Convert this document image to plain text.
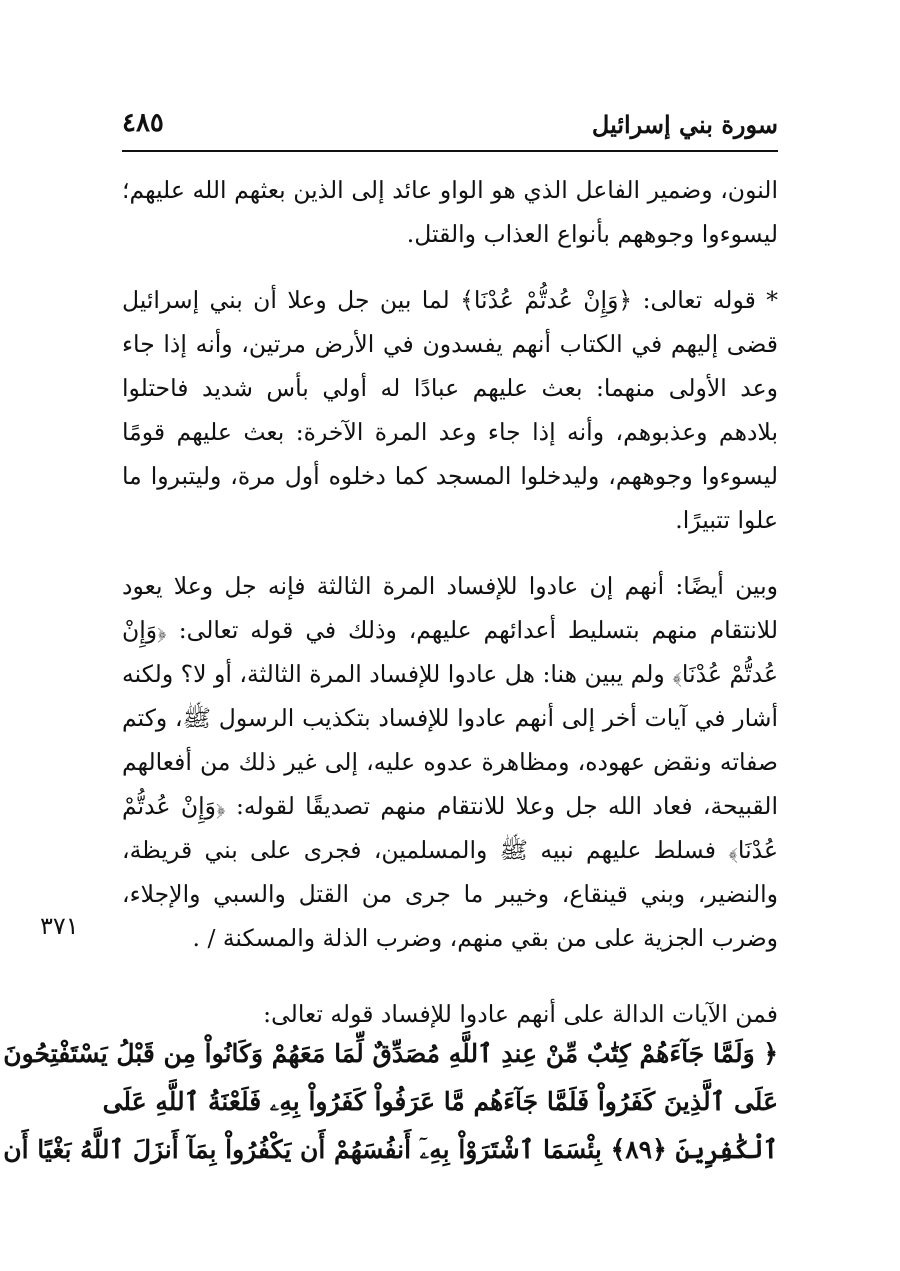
سورة بني إسرائيل
٤٨٥
٣٧١

النون، وضمير الفاعل الذي هو الواو عائد إلى الذين بعثهم الله عليهم؛ ليسوءوا وجوههم بأنواع العذاب والقتل.

* قوله تعالى: ﴿وَإِنْ عُدتُّمْ عُدْنَا﴾ لما بين جل وعلا أن بني إسرائيل قضى إليهم في الكتاب أنهم يفسدون في الأرض مرتين، وأنه إذا جاء وعد الأولى منهما: بعث عليهم عبادًا له أولي بأس شديد فاحتلوا بلادهم وعذبوهم، وأنه إذا جاء وعد المرة الآخرة: بعث عليهم قومًا ليسوءوا وجوههم، وليدخلوا المسجد كما دخلوه أول مرة، وليتبروا ما علوا تتبيرًا.

وبين أيضًا: أنهم إن عادوا للإفساد المرة الثالثة فإنه جل وعلا يعود للانتقام منهم بتسليط أعدائهم عليهم، وذلك في قوله تعالى: ﴿وَإِنْ عُدتُّمْ عُدْنَا﴾ ولم يبين هنا: هل عادوا للإفساد المرة الثالثة، أو لا؟ ولكنه أشار في آيات أخر إلى أنهم عادوا للإفساد بتكذيب الرسول ﷺ، وكتم صفاته ونقض عهوده، ومظاهرة عدوه عليه، إلى غير ذلك من أفعالهم القبيحة، فعاد الله جل وعلا للانتقام منهم تصديقًا لقوله: ﴿وَإِنْ عُدتُّمْ عُدْنَا﴾ فسلط عليهم نبيه ﷺ والمسلمين، فجرى على بني قريظة، والنضير، وبني قينقاع، وخيبر ما جرى من القتل والسبي والإجلاء، وضرب الجزية على من بقي منهم، وضرب الذلة والمسكنة / .

فمن الآيات الدالة على أنهم عادوا للإفساد قوله تعالى:

﴿ وَلَمَّا جَآءَهُمْ كِتَٰبٌ مِّنْ عِندِ ٱللَّهِ مُصَدِّقٌ لِّمَا مَعَهُمْ وَكَانُواْ مِن قَبْلُ يَسْتَفْتِحُونَ
عَلَى ٱلَّذِينَ كَفَرُواْ فَلَمَّا جَآءَهُم مَّا عَرَفُواْ كَفَرُواْ بِهِۦ فَلَعْنَةُ ٱللَّهِ عَلَى
ٱلْكَٰفِرِينَ ﴿٨٩﴾ بِئْسَمَا ٱشْتَرَوْاْ بِهِۦٓ أَنفُسَهُمْ أَن يَكْفُرُواْ بِمَآ أَنزَلَ ٱللَّهُ بَغْيًا أَن
